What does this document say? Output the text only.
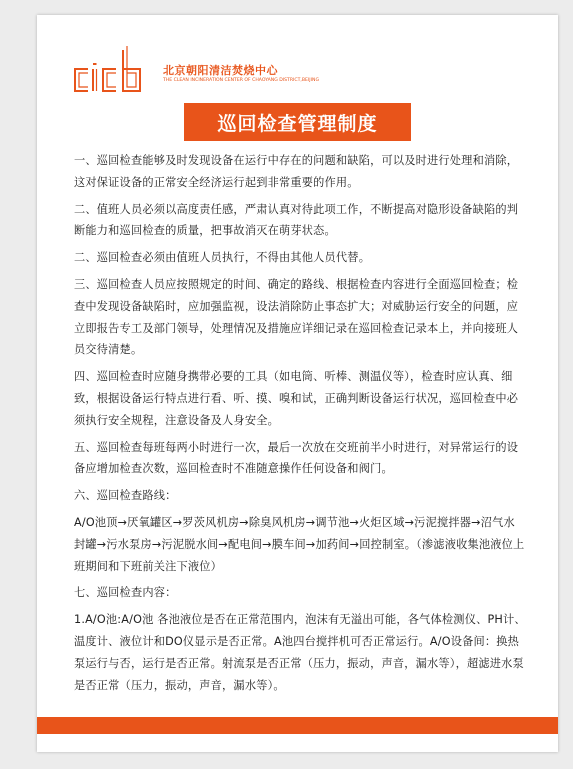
北京朝阳清洁焚烧中心
THE CLEAN INCINERATION CENTER OF CHAOYANG DISTRICT,BEIJING
巡回检查管理制度

一、巡回检查能够及时发现设备在运行中存在的问题和缺陷，可以及时进行处理和消除，这对保证设备的正常安全经济运行起到非常重要的作用。

二、值班人员必须以高度责任感，严肃认真对待此项工作，不断提高对隐形设备缺陷的判断能力和巡回检查的质量，把事故消灭在萌芽状态。

二、巡回检查必须由值班人员执行，不得由其他人员代替。

三、巡回检查人员应按照规定的时间、确定的路线、根据检查内容进行全面巡回检查；检查中发现设备缺陷时，应加强监视，设法消除防止事态扩大；对威胁运行安全的问题，应立即报告专工及部门领导，处理情况及措施应详细记录在巡回检查记录本上，并向接班人员交待清楚。

四、巡回检查时应随身携带必要的工具（如电筒、听棒、测温仪等），检查时应认真、细致，根据设备运行特点进行看、听、摸、嗅和试，正确判断设备运行状况，巡回检查中必须执行安全规程，注意设备及人身安全。

五、巡回检查每班每两小时进行一次，最后一次放在交班前半小时进行，对异常运行的设备应增加检查次数，巡回检查时不准随意操作任何设备和阀门。

六、巡回检查路线：

A/O池顶→厌氧罐区→罗茨风机房→除臭风机房→调节池→火炬区域→污泥搅拌器→沼气水封罐→污水泵房→污泥脱水间→配电间→膜车间→加药间→回控制室。（渗滤液收集池液位上班期间和下班前关注下液位）

七、巡回检查内容：

1.A/O池:A/O池 各池液位是否在正常范围内，泡沫有无溢出可能，各气体检测仪、PH计、温度计、液位计和DO仪显示是否正常。A池四台搅拌机可否正常运行。A/O设备间：换热泵运行与否，运行是否正常。射流泵是否正常（压力，振动，声音，漏水等），超滤进水泵是否正常（压力，振动，声音，漏水等）。
